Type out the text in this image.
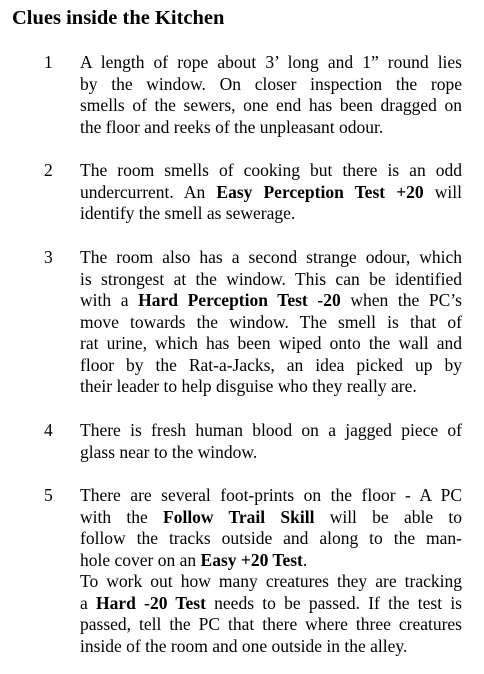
Clues inside the Kitchen
1 A length of rope about 3’ long and 1” round lies
by the window. On closer inspection the rope
smells of the sewers, one end has been dragged on
the floor and reeks of the unpleasant odour.
2 The room smells of cooking but there is an odd
undercurrent. An Easy Perception Test +20 will
identify the smell as sewerage.
3 The room also has a second strange odour, which
is strongest at the window. This can be identified
with a Hard Perception Test -20 when the PC’s
move towards the window. The smell is that of
rat urine, which has been wiped onto the wall and
floor by the Rat-a-Jacks, an idea picked up by
their leader to help disguise who they really are.
4 There is fresh human blood on a jagged piece of
glass near to the window.
5 There are several foot-prints on the floor - A PC
with the Follow Trail Skill will be able to
follow the tracks outside and along to the man-
hole cover on an Easy +20 Test.
To work out how many creatures they are tracking
a Hard -20 Test needs to be passed. If the test is
passed, tell the PC that there where three creatures
inside of the room and one outside in the alley.
